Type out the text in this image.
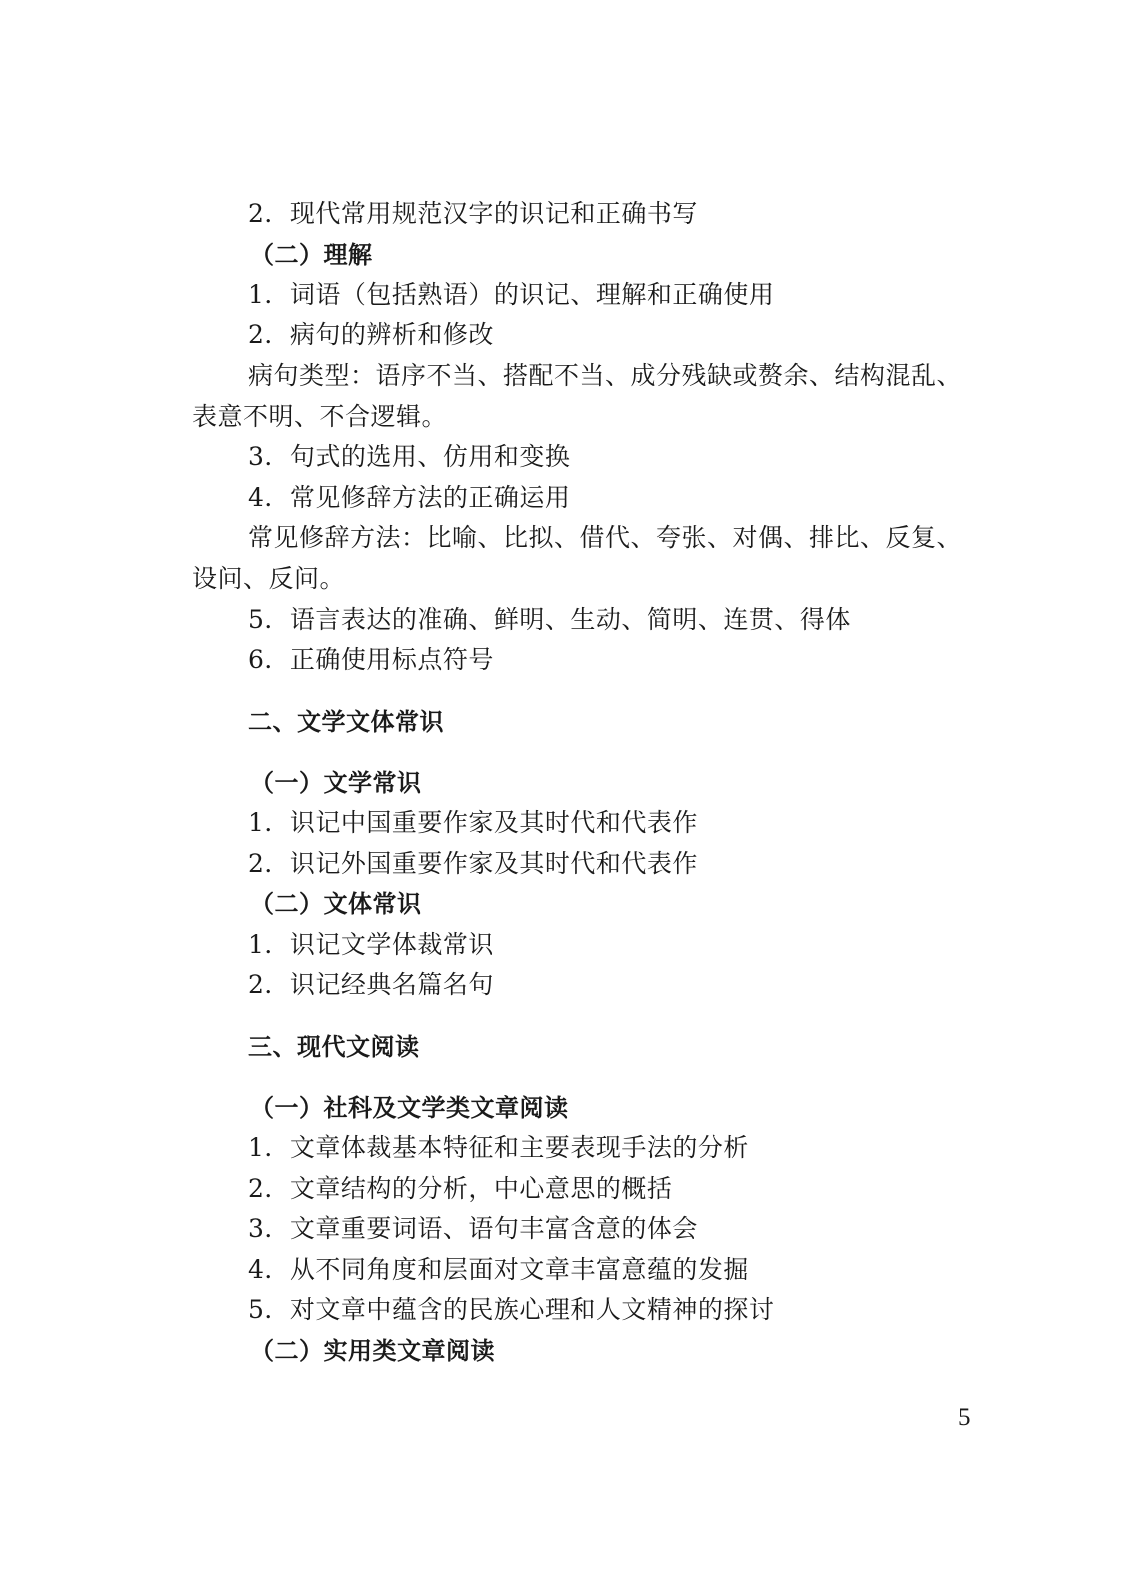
2．现代常用规范汉字的识记和正确书写
（二）理解
1．词语（包括熟语）的识记、理解和正确使用
2．病句的辨析和修改
病句类型：语序不当、搭配不当、成分残缺或赘余、结构混乱、
表意不明、不合逻辑。
3．句式的选用、仿用和变换
4．常见修辞方法的正确运用
常见修辞方法：比喻、比拟、借代、夸张、对偶、排比、反复、
设问、反问。
5．语言表达的准确、鲜明、生动、简明、连贯、得体
6．正确使用标点符号
二、文学文体常识
（一）文学常识
1．识记中国重要作家及其时代和代表作
2．识记外国重要作家及其时代和代表作
（二）文体常识
1．识记文学体裁常识
2．识记经典名篇名句
三、现代文阅读
（一）社科及文学类文章阅读
1．文章体裁基本特征和主要表现手法的分析
2．文章结构的分析，中心意思的概括
3．文章重要词语、语句丰富含意的体会
4．从不同角度和层面对文章丰富意蕴的发掘
5．对文章中蕴含的民族心理和人文精神的探讨
（二）实用类文章阅读
5
